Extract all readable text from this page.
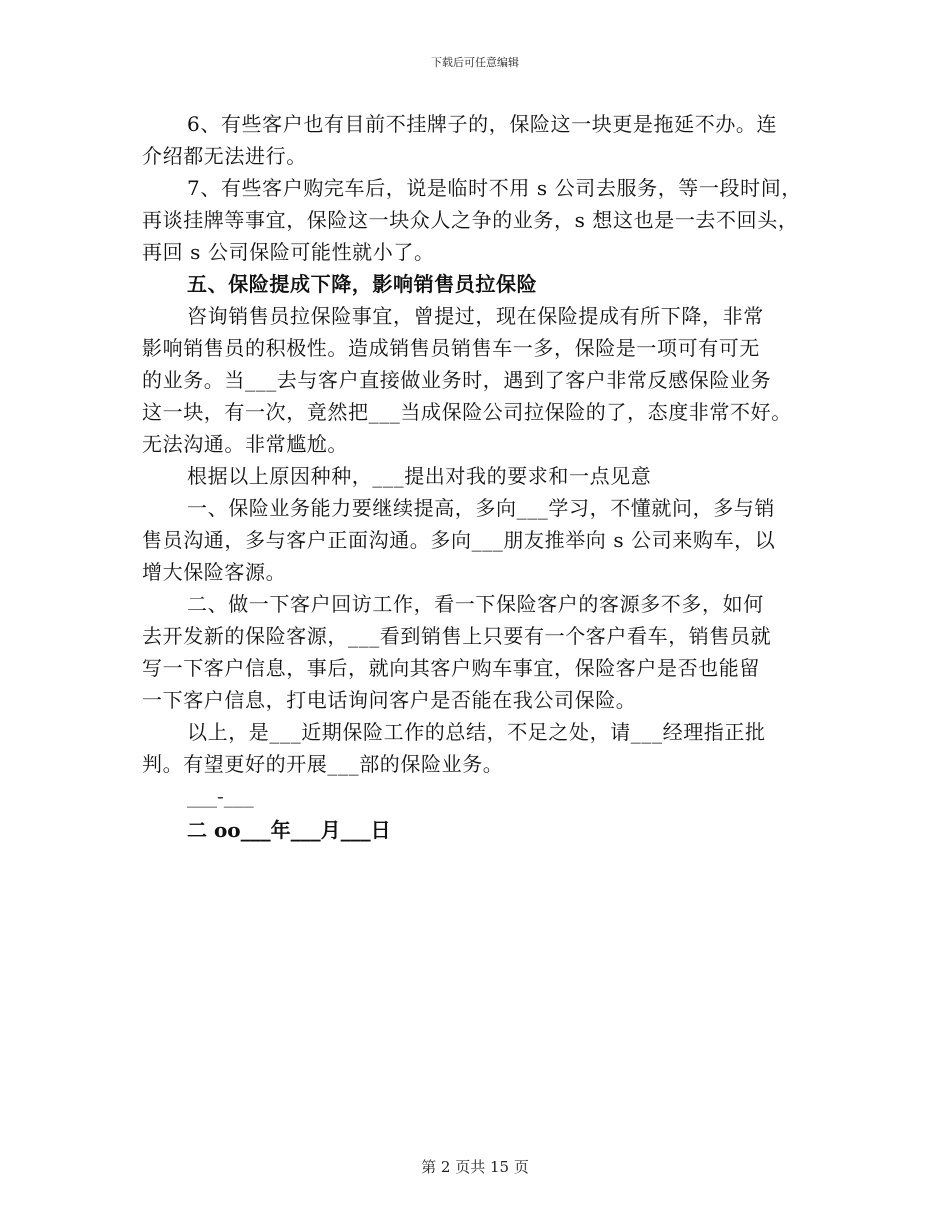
下载后可任意编辑
6、有些客户也有目前不挂牌子的，保险这一块更是拖延不办。连
介绍都无法进行。
7、有些客户购完车后，说是临时不用 s 公司去服务，等一段时间，
再谈挂牌等事宜，保险这一块众人之争的业务，s 想这也是一去不回头，
再回 s 公司保险可能性就小了。
五、保险提成下降，影响销售员拉保险
咨询销售员拉保险事宜，曾提过，现在保险提成有所下降，非常
影响销售员的积极性。造成销售员销售车一多，保险是一项可有可无
的业务。当___去与客户直接做业务时，遇到了客户非常反感保险业务
这一块，有一次，竟然把___当成保险公司拉保险的了，态度非常不好。
无法沟通。非常尴尬。
根据以上原因种种，___提出对我的要求和一点见意
一、保险业务能力要继续提高，多向___学习，不懂就问，多与销
售员沟通，多与客户正面沟通。多向___朋友推举向 s 公司来购车，以
增大保险客源。
二、做一下客户回访工作，看一下保险客户的客源多不多，如何
去开发新的保险客源，___看到销售上只要有一个客户看车，销售员就
写一下客户信息，事后，就向其客户购车事宜，保险客户是否也能留
一下客户信息，打电话询问客户是否能在我公司保险。
以上，是___近期保险工作的总结，不足之处，请___经理指正批
判。有望更好的开展___部的保险业务。
___-___
二 oo___年___月___日
第 2 页共 15 页
